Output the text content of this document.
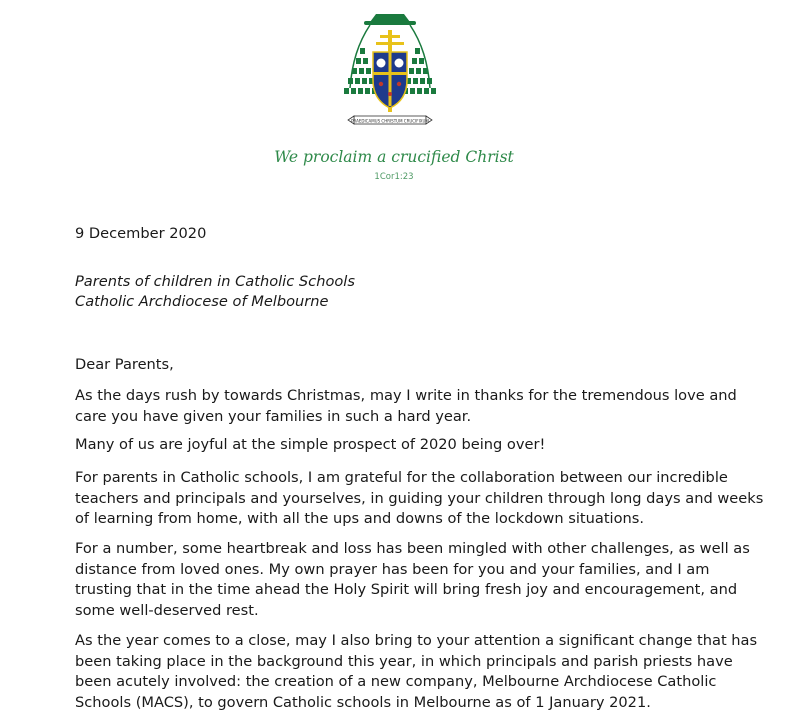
PRAEDICAMUS CHRISTUM CRUCIFIXUM
We proclaim a crucified Christ
1Cor1:23
9 December 2020
Parents of children in Catholic Schools
Catholic Archdiocese of Melbourne
Dear Parents,
As the days rush by towards Christmas, may I write in thanks for the tremendous love and care you have given your families in such a hard year.
Many of us are joyful at the simple prospect of 2020 being over!
For parents in Catholic schools, I am grateful for the collaboration between our incredible teachers and principals and yourselves, in guiding your children through long days and weeks of learning from home, with all the ups and downs of the lockdown situations.
For a number, some heartbreak and loss has been mingled with other challenges, as well as distance from loved ones. My own prayer has been for you and your families, and I am trusting that in the time ahead the Holy Spirit will bring fresh joy and encouragement, and some well-deserved rest.
As the year comes to a close, may I also bring to your attention a significant change that has been taking place in the background this year, in which principals and parish priests have been acutely involved: the creation of a new company, Melbourne Archdiocese Catholic Schools (MACS), to govern Catholic schools in Melbourne as of 1 January 2021.
